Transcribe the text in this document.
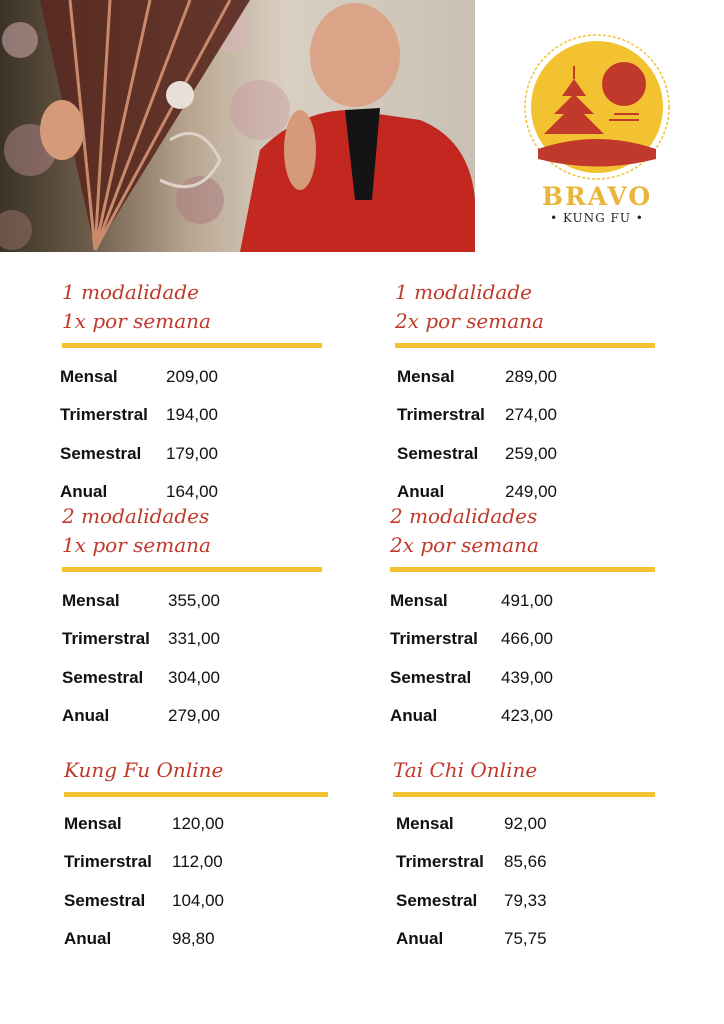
BRAVO
• KUNG FU •
1 modalidade
1x por semana
Mensal	209,00
Trimerstral	194,00
Semestral	179,00
Anual	164,00
1 modalidade
2x por semana
Mensal	289,00
Trimerstral	274,00
Semestral	259,00
Anual	249,00
2 modalidades
1x por semana
Mensal	355,00
Trimerstral	331,00
Semestral	304,00
Anual	279,00
2 modalidades
2x por semana
Mensal	491,00
Trimerstral	466,00
Semestral	439,00
Anual	423,00
Kung Fu Online
Mensal	120,00
Trimerstral	112,00
Semestral	104,00
Anual	98,80
Tai Chi Online
Mensal	92,00
Trimerstral	85,66
Semestral	79,33
Anual	75,75
